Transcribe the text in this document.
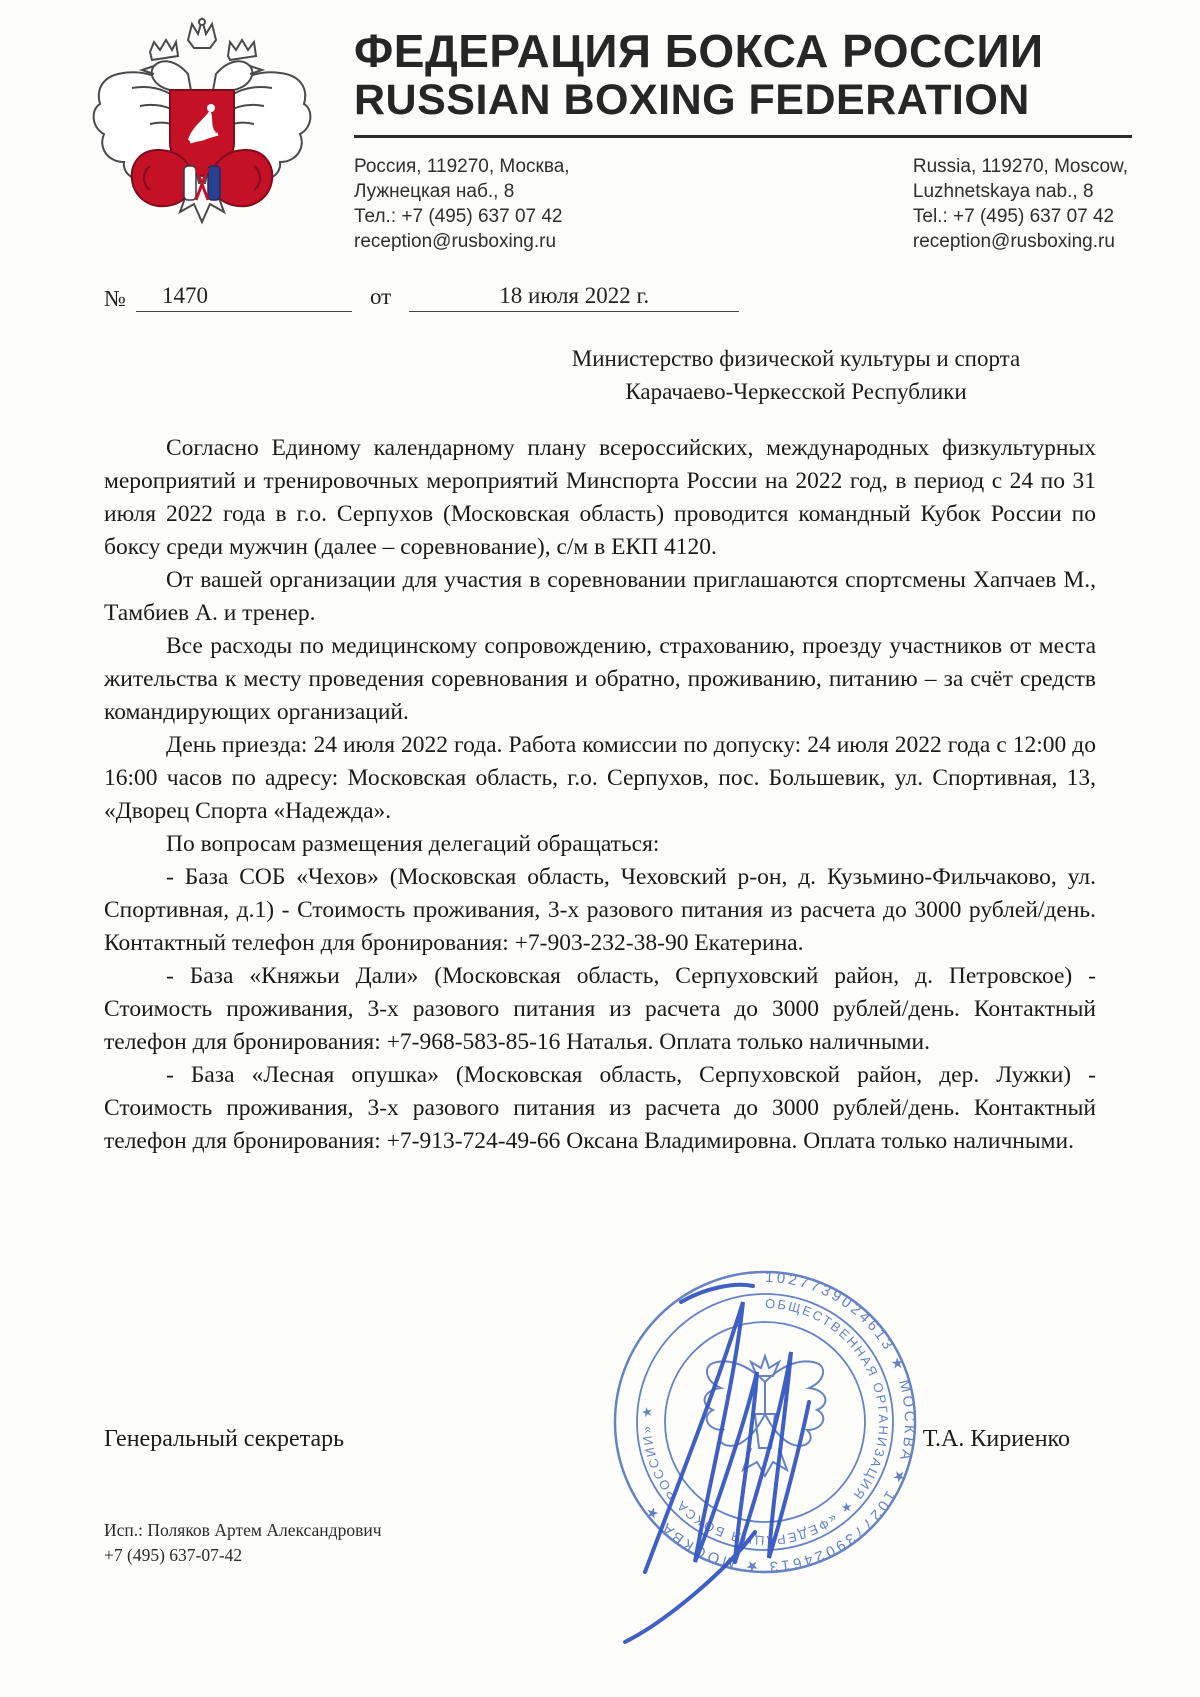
ФЕДЕРАЦИЯ БОКСА РОССИИ
RUSSIAN BOXING FEDERATION
Россия, 119270, Москва,
Лужнецкая наб., 8
Тел.: +7 (495) 637 07 42
reception@rusboxing.ru
Russia, 119270, Moscow,
Luzhnetskaya nab., 8
Tel.: +7 (495) 637 07 42
reception@rusboxing.ru
№	1470	от	18 июля 2022 г.
Министерство физической культуры и спорта
Карачаево-Черкесской Республики

Согласно Единому календарному плану всероссийских, международных физкультурных мероприятий и тренировочных мероприятий Минспорта России на 2022 год, в период с 24 по 31 июля 2022 года в г.о. Серпухов (Московская область) проводится командный Кубок России по боксу среди мужчин (далее – соревнование), с/м в ЕКП 4120.

От вашей организации для участия в соревновании приглашаются спортсмены Хапчаев М., Тамбиев А. и тренер.

Все расходы по медицинскому сопровождению, страхованию, проезду участников от места жительства к месту проведения соревнования и обратно, проживанию, питанию – за счёт средств командирующих организаций.

День приезда: 24 июля 2022 года. Работа комиссии по допуску: 24 июля 2022 года с 12:00 до 16:00 часов по адресу: Московская область, г.о. Серпухов, пос. Большевик, ул. Спортивная, 13, «Дворец Спорта «Надежда».

По вопросам размещения делегаций обращаться:

- База СОБ «Чехов» (Московская область, Чеховский р-он, д. Кузьмино-Фильчаково, ул. Спортивная, д.1) - Стоимость проживания, 3-х разового питания из расчета до 3000 рублей/день. Контактный телефон для бронирования: +7-903-232-38-90 Екатерина.

- База «Княжьи Дали» (Московская область, Серпуховский район, д. Петровское) - Стоимость проживания, 3-х разового питания из расчета до 3000 рублей/день. Контактный телефон для бронирования: +7-968-583-85-16 Наталья. Оплата только наличными.

- База «Лесная опушка» (Московская область, Серпуховской район, дер. Лужки) - Стоимость проживания, 3-х разового питания из расчета до 3000 рублей/день. Контактный телефон для бронирования: +7-913-724-49-66 Оксана Владимировна. Оплата только наличными.

1027739024613 ★ МОСКВА ★ 1027739024613 ★ МОСКВА ★
ОБЩЕСТВЕННАЯ ОРГАНИЗАЦИЯ ★ «ФЕДЕРАЦИЯ БОКСА РОССИИ» ★
Генеральный секретарь	Т.А. Кириенко
Исп.: Поляков Артем Александрович
+7 (495) 637-07-42
